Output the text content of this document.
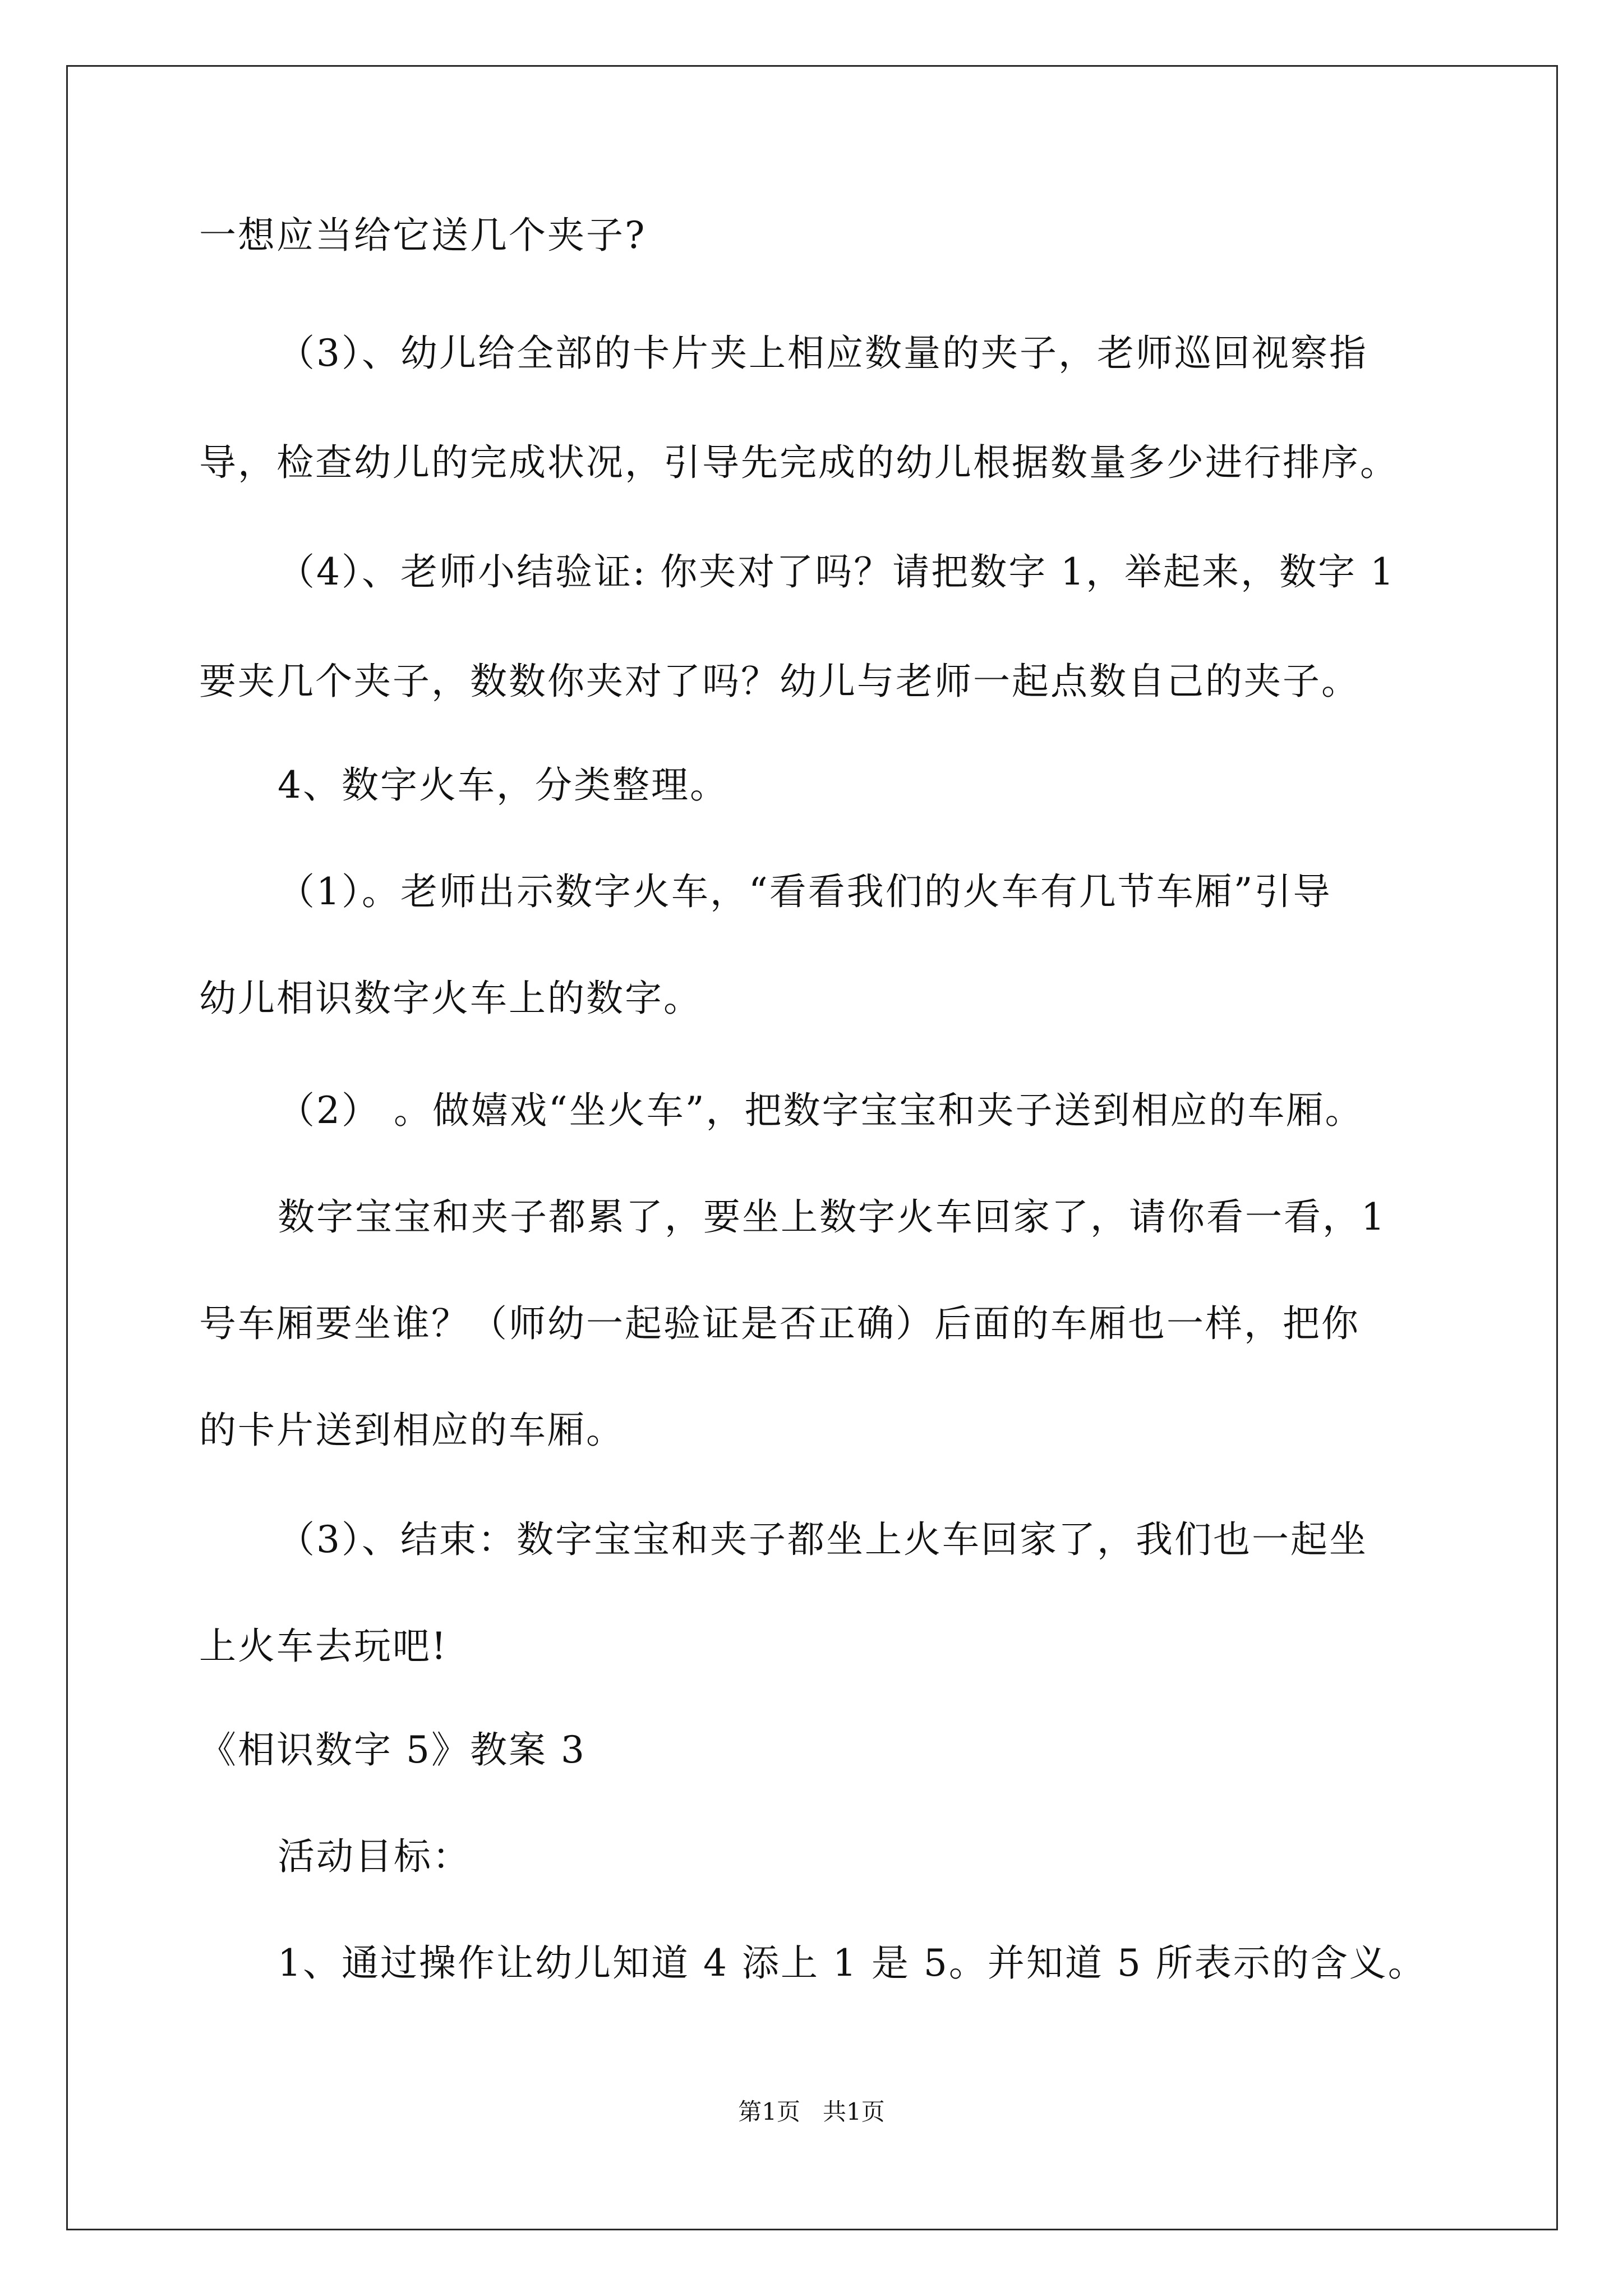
一想应当给它送几个夹子?
（3）、幼儿给全部的卡片夹上相应数量的夹子，老师巡回视察指
导，检查幼儿的完成状况，引导先完成的幼儿根据数量多少进行排序。
（4）、老师小结验证: 你夹对了吗？请把数字 1，举起来，数字 1
要夹几个夹子，数数你夹对了吗？幼儿与老师一起点数自己的夹子。
4、数字火车，分类整理。
（1）。老师出示数字火车，“看看我们的火车有几节车厢”引导
幼儿相识数字火车上的数字。
（2） 。做嬉戏“坐火车”，把数字宝宝和夹子送到相应的车厢。
数字宝宝和夹子都累了，要坐上数字火车回家了，请你看一看，1
号车厢要坐谁？（师幼一起验证是否正确）后面的车厢也一样，把你
的卡片送到相应的车厢。
（3）、结束：数字宝宝和夹子都坐上火车回家了，我们也一起坐
上火车去玩吧!
《相识数字 5》教案 3
活动目标：
1、通过操作让幼儿知道 4 添上 1 是 5。并知道 5 所表示的含义。
第1页   共1页
